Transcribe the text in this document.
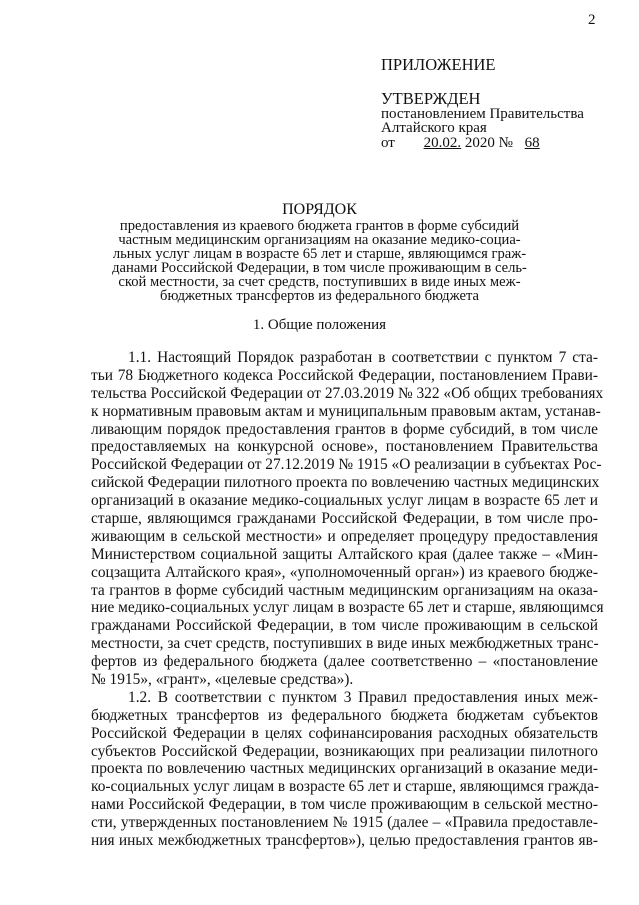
2
ПРИЛОЖЕНИЕ
УТВЕРЖДЕН
постановлением Правительства
Алтайского края
от 20.02. 2020 № 68
ПОРЯДОК
предоставления из краевого бюджета грантов в форме субсидий
частным медицинским организациям на оказание медико-социа-
льных услуг лицам в возрасте 65 лет и старше, являющимся граж-
данами Российской Федерации, в том числе проживающим в сель-
ской местности, за счет средств, поступивших в виде иных меж-
бюджетных трансфертов из федерального бюджета
1. Общие положения
1.1. Настоящий Порядок разработан в соответствии с пунктом 7 ста-
тьи 78 Бюджетного кодекса Российской Федерации, постановлением Прави-
тельства Российской Федерации от 27.03.2019 № 322 «Об общих требованиях
к нормативным правовым актам и муниципальным правовым актам, устанав-
ливающим порядок предоставления грантов в форме субсидий, в том числе
предоставляемых на конкурсной основе», постановлением Правительства
Российской Федерации от 27.12.2019 № 1915 «О реализации в субъектах Рос-
сийской Федерации пилотного проекта по вовлечению частных медицинских
организаций в оказание медико-социальных услуг лицам в возрасте 65 лет и
старше, являющимся гражданами Российской Федерации, в том числе про-
живающим в сельской местности» и определяет процедуру предоставления
Министерством социальной защиты Алтайского края (далее также – «Мин-
соцзащита Алтайского края», «уполномоченный орган») из краевого бюдже-
та грантов в форме субсидий частным медицинским организациям на оказа-
ние медико-социальных услуг лицам в возрасте 65 лет и старше, являющимся
гражданами Российской Федерации, в том числе проживающим в сельской
местности, за счет средств, поступивших в виде иных межбюджетных транс-
фертов из федерального бюджета (далее соответственно – «постановление
№ 1915», «грант», «целевые средства»).
1.2. В соответствии с пунктом 3 Правил предоставления иных меж-
бюджетных трансфертов из федерального бюджета бюджетам субъектов
Российской Федерации в целях софинансирования расходных обязательств
субъектов Российской Федерации, возникающих при реализации пилотного
проекта по вовлечению частных медицинских организаций в оказание меди-
ко-социальных услуг лицам в возрасте 65 лет и старше, являющимся гражда-
нами Российской Федерации, в том числе проживающим в сельской местно-
сти, утвержденных постановлением № 1915 (далее – «Правила предоставле-
ния иных межбюджетных трансфертов»), целью предоставления грантов яв-
